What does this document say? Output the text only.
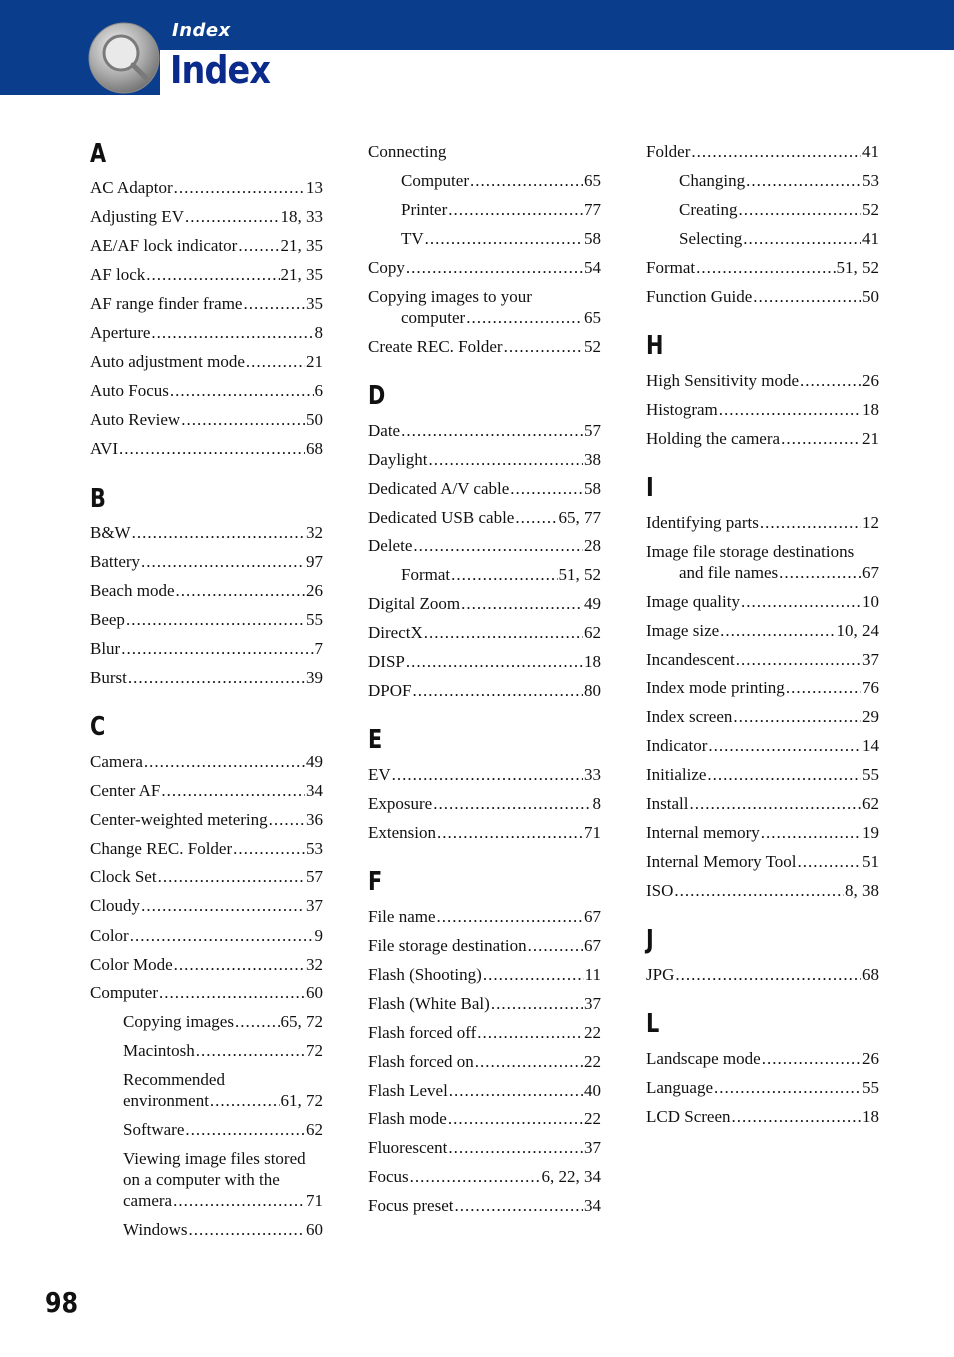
Index
Index
A
AC Adaptor .....	13
Adjusting EV .....	18, 33
AE/AF lock indicator .....	21, 35
AF lock .....	21, 35
AF range finder frame .....	35
Aperture .....	8
Auto adjustment mode .....	21
Auto Focus .....	6
Auto Review .....	50
AVI .....	68
B
B&W .....	32
Battery .....	97
Beach mode .....	26
Beep .....	55
Blur .....	7
Burst .....	39
C
Camera .....	49
Center AF .....	34
Center-weighted metering ..... 36
Change REC. Folder .....	53
Clock Set .....	57
Cloudy .....	37
Color .....	9
Color Mode .....	32
Computer .....	60
Copying images .....	65, 72
Macintosh .....	72
Recommended
environment .....	61, 72
Software .....	62
Viewing image files stored
on a computer with the
camera .....	71
Windows .....	60
Connecting
Computer .....	65
Printer .....	77
TV .....	58
Copy .....	54
Copying images to your
computer .....	65
Create REC. Folder .....	52
D
Date .....	57
Daylight .....	38
Dedicated A/V cable .....	58
Dedicated USB cable .....	65, 77
Delete .....	28
Format .....	51, 52
Digital Zoom .....	49
DirectX .....	62
DISP .....	18
DPOF .....	80
E
EV .....	33
Exposure .....	8
Extension .....	71
F
File name .....	67
File storage destination .....	67
Flash (Shooting) .....	11
Flash (White Bal) .....	37
Flash forced off .....	22
Flash forced on .....	22
Flash Level .....	40
Flash mode .....	22
Fluorescent .....	37
Focus .....	6, 22, 34
Focus preset .....	34
Folder .....	41
Changing .....	53
Creating .....	52
Selecting .....	41
Format .....	51, 52
Function Guide .....	50
H
High Sensitivity mode .....	26
Histogram .....	18
Holding the camera .....	21
I
Identifying parts .....	12
Image file storage destinations
and file names .....	67
Image quality .....	10
Image size .....	10, 24
Incandescent .....	37
Index mode printing .....	76
Index screen .....	29
Indicator .....	14
Initialize .....	55
Install .....	62
Internal memory .....	19
Internal Memory Tool .....	51
ISO .....	8, 38
J
JPG .....	68
L
Landscape mode .....	26
Language .....	55
LCD Screen .....	18
98
